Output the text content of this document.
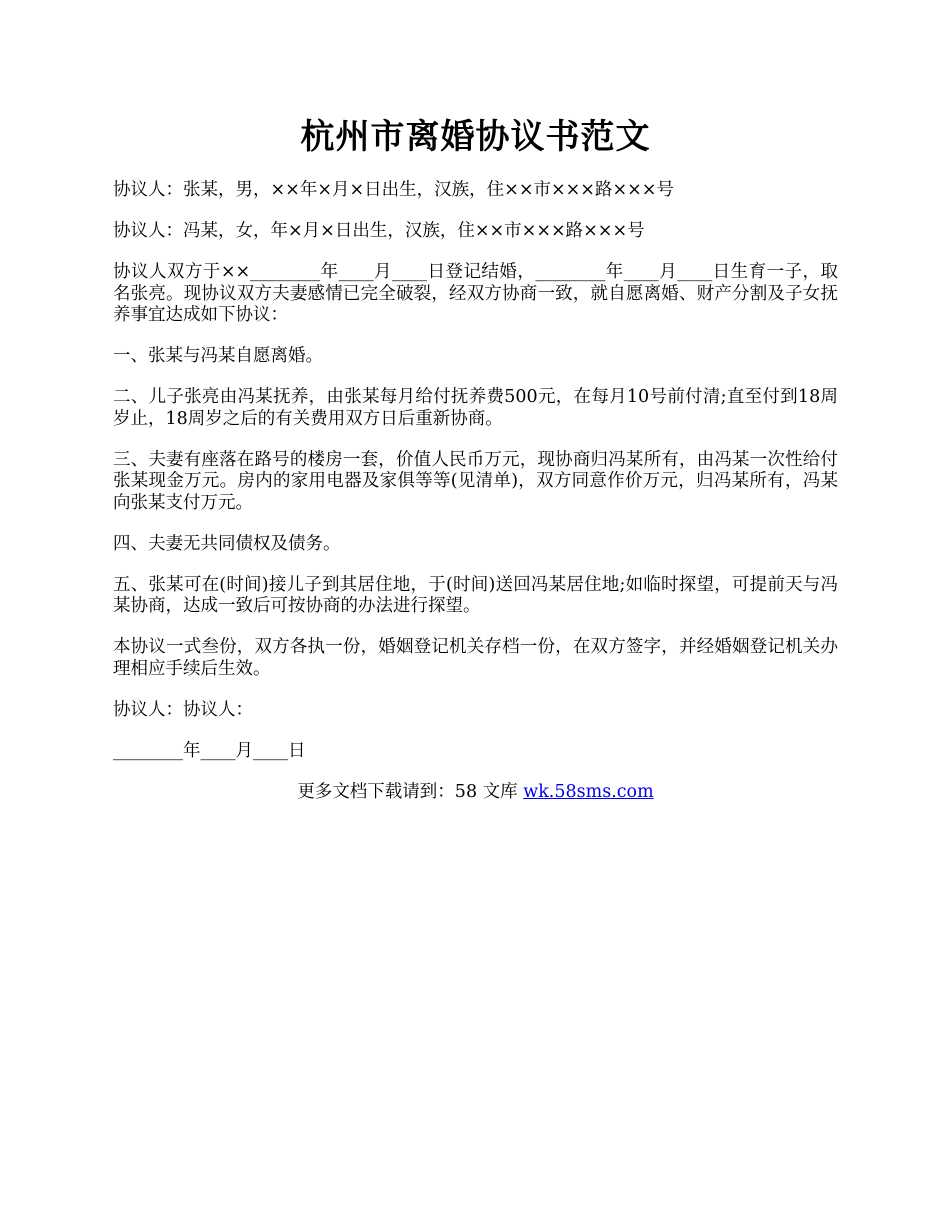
杭州市离婚协议书范文

协议人：张某，男，××年×月×日出生，汉族，住××市×××路×××号

协议人：冯某，女，年×月×日出生，汉族，住××市×××路×××号

协议人双方于××________年____月____日登记结婚，________年____月____日生育一子，取名张亮。现协议双方夫妻感情已完全破裂，经双方协商一致，就自愿离婚、财产分割及子女抚养事宜达成如下协议：

一、张某与冯某自愿离婚。

二、儿子张亮由冯某抚养，由张某每月给付抚养费500元，在每月10号前付清;直至付到18周岁止，18周岁之后的有关费用双方日后重新协商。

三、夫妻有座落在路号的楼房一套，价值人民币万元，现协商归冯某所有，由冯某一次性给付张某现金万元。房内的家用电器及家俱等等(见清单)，双方同意作价万元，归冯某所有，冯某向张某支付万元。

四、夫妻无共同债权及债务。

五、张某可在(时间)接儿子到其居住地，于(时间)送回冯某居住地;如临时探望，可提前天与冯某协商，达成一致后可按协商的办法进行探望。

本协议一式叁份，双方各执一份，婚姻登记机关存档一份，在双方签字，并经婚姻登记机关办理相应手续后生效。

协议人：协议人：

________年____月____日

更多文档下载请到：58 文库 wk.58sms.com
